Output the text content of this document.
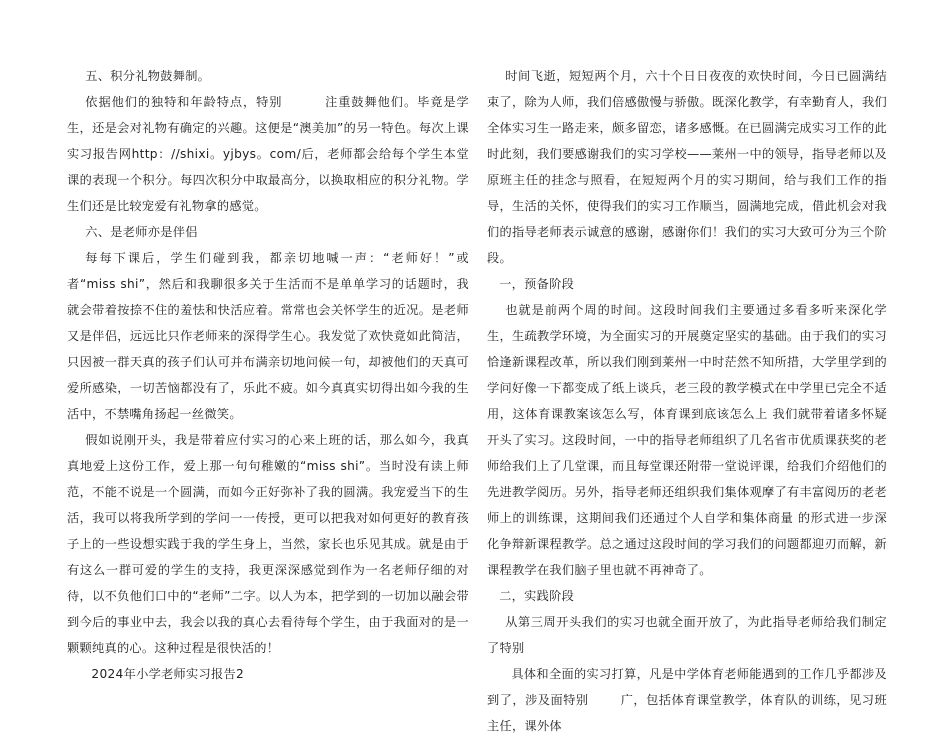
五、积分礼物鼓舞制。

依据他们的独特和年龄特点，特别	注重鼓舞他们。毕竟是学生，还是会对礼物有确定的兴趣。这便是“澳美加”的另一特色。每次上课实习报告网http：//shixi。yjbys。com/后，老师都会给每个学生本堂课的表现一个积分。每四次积分中取最高分，以换取相应的积分礼物。学生们还是比较宠爱有礼物拿的感觉。

六、是老师亦是伴侣

每每下课后，学生们碰到我，都亲切地喊一声：“老师好！”或者“miss shi”，然后和我聊很多关于生活而不是单单学习的话题时，我就会带着按捺不住的羞怯和快活应着。常常也会关怀学生的近况。是老师又是伴侣，远远比只作老师来的深得学生心。我发觉了欢快竟如此简洁，只因被一群天真的孩子们认可并布满亲切地问候一句，却被他们的天真可爱所感染，一切苦恼都没有了，乐此不疲。如今真真实切得出如今我的生活中，不禁嘴角扬起一丝微笑。

假如说刚开头，我是带着应付实习的心来上班的话，那么如今，我真真地爱上这份工作，爱上那一句句稚嫩的“miss shi”。当时没有读上师范，不能不说是一个圆满，而如今正好弥补了我的圆满。我宠爱当下的生活，我可以将我所学到的学问一一传授，更可以把我对如何更好的教育孩子上的一些设想实践于我的学生身上，当然，家长也乐见其成。就是由于有这么一群可爱的学生的支持，我更深深感觉到作为一名老师仔细的对待，以不负他们口中的“老师”二字。以人为本，把学到的一切加以融会带到今后的事业中去，我会以我的真心去看待每个学生，由于我面对的是一颗颗纯真的心。这种过程是很快活的！

2024年小学老师实习报告2

时间飞逝，短短两个月，六十个日日夜夜的欢快时间，今日已圆满结束了，除为人师，我们倍感傲慢与骄傲。既深化教学，有幸勤育人，我们全体实习生一路走来，颇多留恋，诸多感慨。在已圆满完成实习工作的此时此刻，我们要感谢我们的实习学校——莱州一中的领导，指导老师以及原班主任的挂念与照看，在短短两个月的实习期间，给与我们工作的指导，生活的关怀，使得我们的实习工作顺当，圆满地完成，借此机会对我们的指导老师表示诚意的感谢，感谢你们！我们的实习大致可分为三个阶段。

一，预备阶段

也就是前两个周的时间。这段时间我们主要通过多看多听来深化学生，生疏教学环境，为全面实习的开展奠定坚实的基础。由于我们的实习恰逢新课程改革，所以我们刚到莱州一中时茫然不知所措，大学里学到的学问好像一下都变成了纸上谈兵，老三段的教学模式在中学里已完全不适用，这体育课教案该怎么写，体育课到底该怎么上 我们就带着诸多怀疑开头了实习。这段时间，一中的指导老师组织了几名省市优质课获奖的老师给我们上了几堂课，而且每堂课还附带一堂说评课，给我们介绍他们的先进教学阅历。另外，指导老师还组织我们集体观摩了有丰富阅历的老老师上的训练课，这期间我们还通过个人自学和集体商量 的形式进一步深化争辩新课程教学。总之通过这段时间的学习我们的问题都迎刃而解，新课程教学在我们脑子里也就不再神奇了。

二，实践阶段

从第三周开头我们的实习也就全面开放了，为此指导老师给我们制定了特别

具体和全面的实习打算，凡是中学体育老师能遇到的工作几乎都涉及到了，涉及面特别	广，包括体育课堂教学，体育队的训练，见习班主任，课外体
